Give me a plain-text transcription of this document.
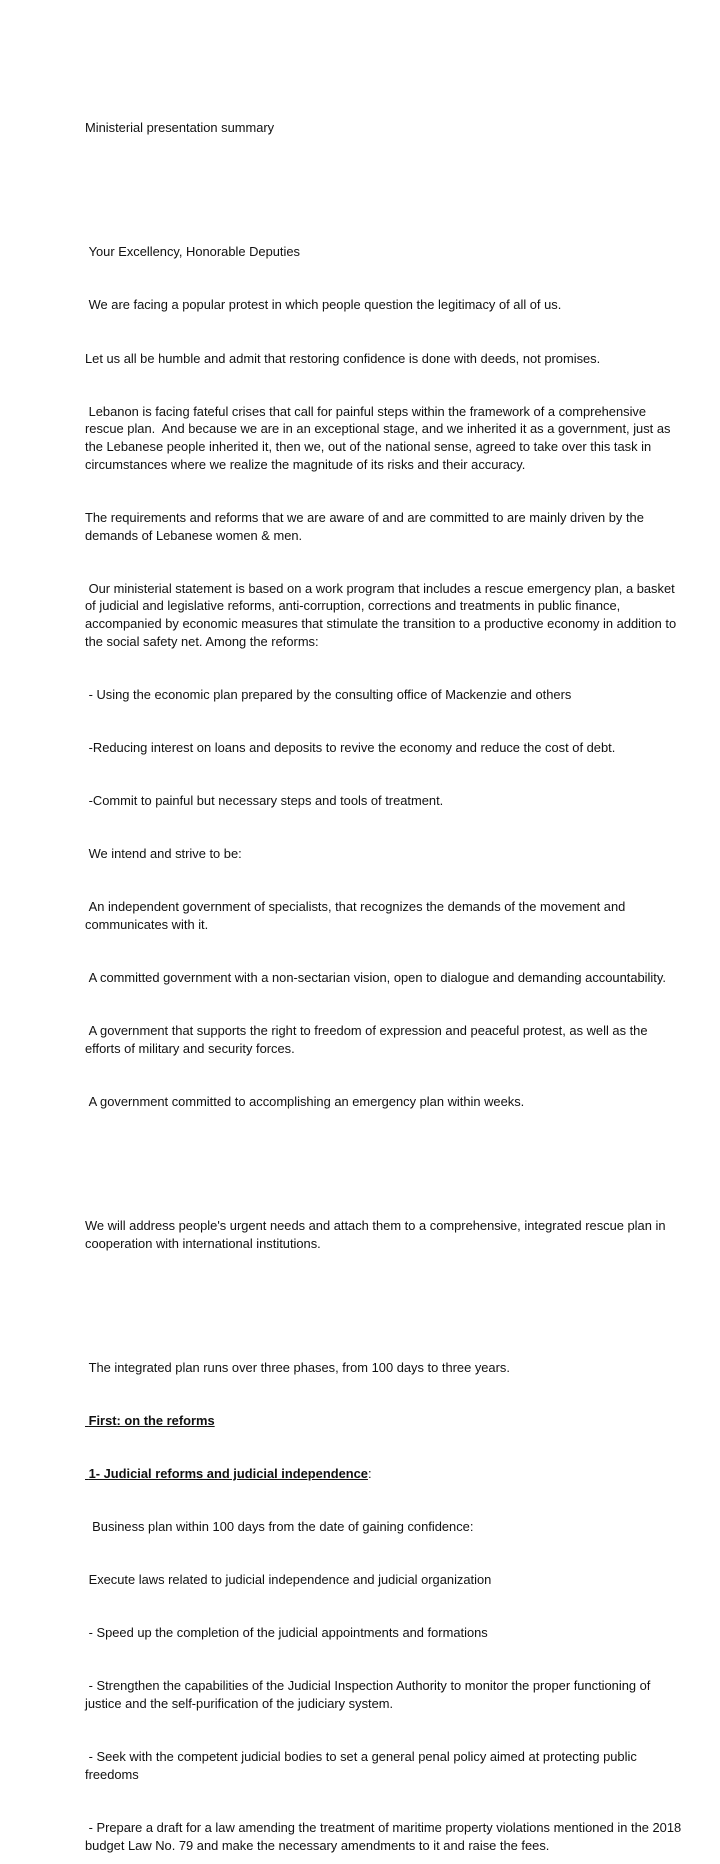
Ministerial presentation summary

Your Excellency, Honorable Deputies

We are facing a popular protest in which people question the legitimacy of all of us.

Let us all be humble and admit that restoring confidence is done with deeds, not promises.

Lebanon is facing fateful crises that call for painful steps within the framework of a comprehensive rescue plan.  And because we are in an exceptional stage, and we inherited it as a government, just as the Lebanese people inherited it, then we, out of the national sense, agreed to take over this task in circumstances where we realize the magnitude of its risks and their accuracy.

The requirements and reforms that we are aware of and are committed to are mainly driven by the demands of Lebanese women & men.

Our ministerial statement is based on a work program that includes a rescue emergency plan, a basket of judicial and legislative reforms, anti-corruption, corrections and treatments in public finance, accompanied by economic measures that stimulate the transition to a productive economy in addition to the social safety net. Among the reforms:

- Using the economic plan prepared by the consulting office of Mackenzie and others

-Reducing interest on loans and deposits to revive the economy and reduce the cost of debt.

-Commit to painful but necessary steps and tools of treatment.

We intend and strive to be:

An independent government of specialists, that recognizes the demands of the movement and communicates with it.

A committed government with a non-sectarian vision, open to dialogue and demanding accountability.

A government that supports the right to freedom of expression and peaceful protest, as well as the efforts of military and security forces.

A government committed to accomplishing an emergency plan within weeks.

We will address people's urgent needs and attach them to a comprehensive, integrated rescue plan in cooperation with international institutions.

The integrated plan runs over three phases, from 100 days to three years.

First: on the reforms

1- Judicial reforms and judicial independence:

Business plan within 100 days from the date of gaining confidence:

Execute laws related to judicial independence and judicial organization

- Speed up the completion of the judicial appointments and formations

- Strengthen the capabilities of the Judicial Inspection Authority to monitor the proper functioning of justice and the self-purification of the judiciary system.

- Seek with the competent judicial bodies to set a general penal policy aimed at protecting public freedoms

- Prepare a draft for a law amending the treatment of maritime property violations mentioned in the 2018 budget Law No. 79 and make the necessary amendments to it and raise the fees.
